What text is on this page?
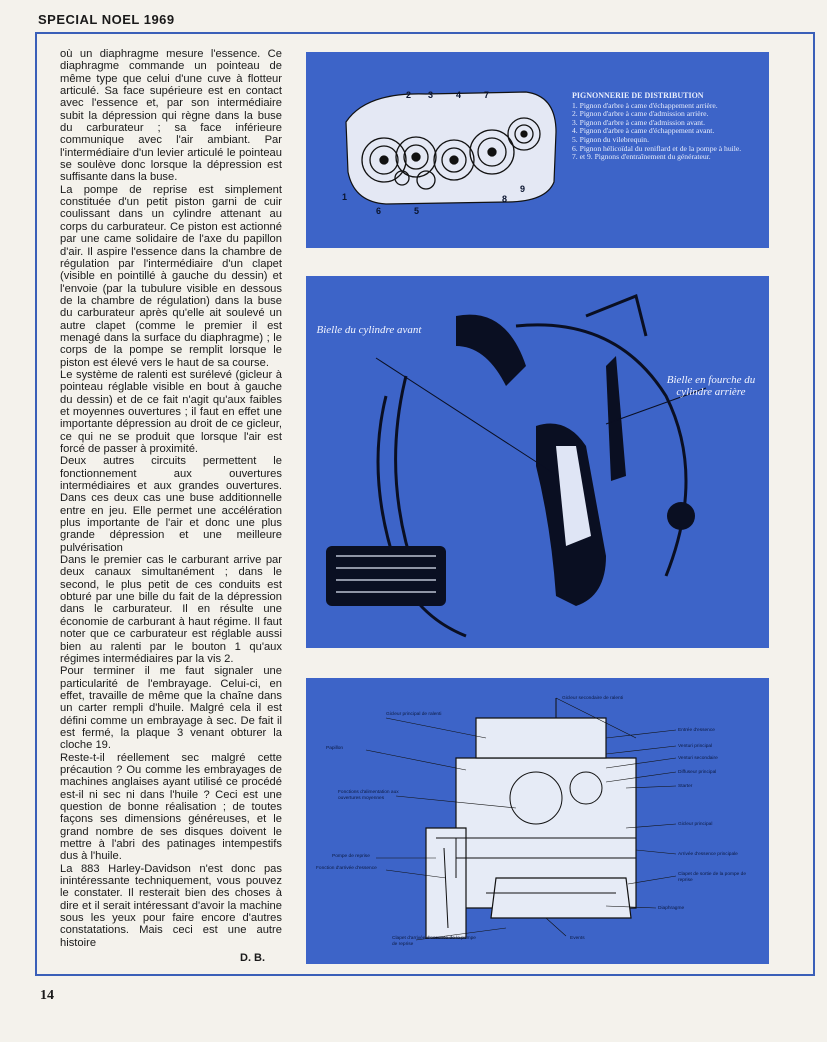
SPECIAL NOEL 1969

où un diaphragme mesure l'essence. Ce diaphragme commande un pointeau de même type que celui d'une cuve à flotteur articulé. Sa face supérieure est en contact avec l'essence et, par son intermédiaire subit la dépression qui règne dans la buse du carburateur ; sa face inférieure communique avec l'air ambiant. Par l'intermédiaire d'un levier articulé le pointeau se soulève donc lorsque la dépression est suffisante dans la buse.

La pompe de reprise est simplement constituée d'un petit piston garni de cuir coulissant dans un cylindre attenant au corps du carburateur. Ce piston est actionné par une came solidaire de l'axe du papillon d'air. Il aspire l'essence dans la chambre de régulation par l'intermédiaire d'un clapet (visible en pointillé à gauche du dessin) et l'envoie (par la tubulure visible en dessous de la chambre de régulation) dans la buse du carburateur après qu'elle ait soulevé un autre clapet (comme le premier il est menagé dans la surface du diaphragme) ; le corps de la pompe se remplit lorsque le piston est élevé vers le haut de sa course.

Le système de ralenti est surélevé (gicleur à pointeau réglable visible en bout à gauche du dessin) et de ce fait n'agit qu'aux faibles et moyennes ouvertures ; il faut en effet une importante dépression au droit de ce gicleur, ce qui ne se produit que lorsque l'air est forcé de passer à proximité.

Deux autres circuits permettent le fonctionnement aux ouvertures intermédiaires et aux grandes ouvertures. Dans ces deux cas une buse additionnelle entre en jeu. Elle permet une accélération plus importante de l'air et donc une plus grande dépression et une meilleure pulvérisation

Dans le premier cas le carburant arrive par deux canaux simultanément ; dans le second, le plus petit de ces conduits est obturé par une bille du fait de la dépression dans le carburateur. Il en résulte une économie de carburant à haut régime. Il faut noter que ce carburateur est réglable aussi bien au ralenti par le bouton 1 qu'aux régimes intermédiaires par la vis 2.

Pour terminer il me faut signaler une particularité de l'embrayage. Celui-ci, en effet, travaille de même que la chaîne dans un carter rempli d'huile. Malgré cela il est défini comme un embrayage à sec. De fait il est fermé, la plaque 3 venant obturer la cloche 19.

Reste-t-il réellement sec malgré cette précaution ? Ou comme les embrayages de machines anglaises ayant utilisé ce procédé est-il ni sec ni dans l'huile ? Ceci est une question de bonne réalisation ; de toutes façons ses dimensions généreuses, et le grand nombre de ses disques doivent le mettre à l'abri des patinages intempestifs dus à l'huile.

La 883 Harley-Davidson n'est donc pas inintéressante techniquement, vous pouvez le constater. Il resterait bien des choses à dire et il serait intéressant d'avoir la machine sous les yeux pour faire encore d'autres constatations. Mais ceci est une autre histoire

D. B.
14
2 3	4	7
1
6	5
8
9
PIGNONNERIE DE DISTRIBUTION
1. Pignon d'arbre à came d'échappement arrière.
2. Pignon d'arbre à came d'admission arrière.
3. Pignon d'arbre à came d'admission avant.
4. Pignon d'arbre à came d'échappement avant.
5. Pignon du vilebrequin.
6. Pignon hélicoïdal du reniflard et de la pompe à huile.
7. et 9. Pignons d'entraînement du générateur.
Bielle du cylindre avant
Bielle en fourche du cylindre arrière
Gicleur principal de ralenti
Papillon
Fonctions d'alimentation aux ouvertures moyennes
Pompe de reprise
Fonction d'arrivée d'essence
Clapet d'arrivée d'essence de la pompe de reprise
Gicleur secondaire de ralenti
Entrée d'essence
Venturi principal
Venturi secondaire
Diffuseur principal
Starter
Gicleur principal
Arrivée d'essence principale
Clapet de sortie de la pompe de reprise
Diaphragme
Events
